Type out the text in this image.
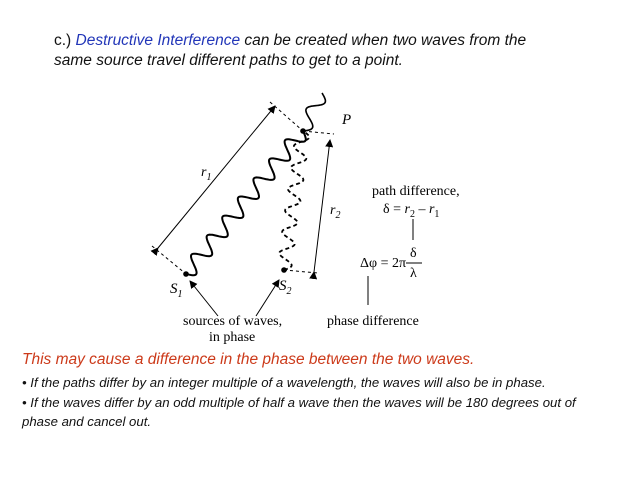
c.) Destructive Interference can be created when two waves from the
same source travel different paths to get to a point.
P
$r_1$
$r_2$
$S_1$
$S_2$
path difference,
$\delta = r_2 - r_1$
Δφ = 2π
δ
λ
sources of waves,
in phase
phase difference
This may cause a difference in the phase between the two waves.
• If the paths differ by an integer multiple of a wavelength, the waves will also be in phase.
• If the waves differ by an odd multiple of half a wave then the waves will be 180 degrees out of
phase and cancel out.
